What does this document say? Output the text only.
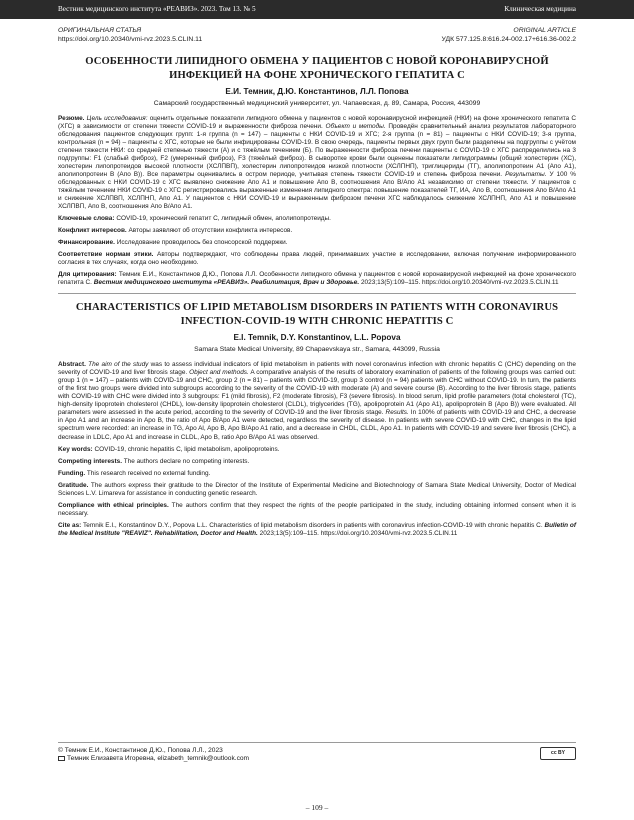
Вестник медицинского института «РЕАВИЗ». 2023. Том 13. № 5	Клиническая медицина
ОРИГИНАЛЬНАЯ СТАТЬЯ
https://doi.org/10.20340/vmi-rvz.2023.5.CLIN.11
ORIGINAL ARTICLE
УДК 577.125.8:616.24-002.17+616.36-002.2
ОСОБЕННОСТИ ЛИПИДНОГО ОБМЕНА У ПАЦИЕНТОВ С НОВОЙ КОРОНАВИРУСНОЙ ИНФЕКЦИЕЙ НА ФОНЕ ХРОНИЧЕСКОГО ГЕПАТИТА С
Е.И. Темник, Д.Ю. Константинов, Л.Л. Попова
Самарский государственный медицинский университет, ул. Чапаевская, д. 89, Самара, Россия, 443099
Резюме. Цель исследования: оценить отдельные показатели липидного обмена у пациентов с новой коронавирусной инфекцией (НКИ) на фоне хронического гепатита С (ХГС) в зависимости от степени тяжести COVID-19 и выраженности фиброза печени. Объект и методы. Проведён сравнительный анализ результатов лабораторного обследования пациентов следующих групп: 1-я группа (n = 147) – пациенты с НКИ COVID-19 и ХГС; 2-я группа (n = 81) – пациенты с НКИ COVID-19; 3-я группа, контрольная (n = 94) – пациенты с ХГС, которые не были инфицированы COVID-19. В свою очередь, пациенты первых двух групп были разделены на подгруппы с учётом степени тяжести НКИ: со средней степенью тяжести (А) и с тяжёлым течением (Б). По выраженности фиброза печени пациенты с COVID-19 с ХГС распределились на 3 подгруппы: F1 (слабый фиброз), F2 (умеренный фиброз), F3 (тяжёлый фиброз). В сыворотке крови были оценены показатели липидограммы (общий холестерин (ХС), холестерин липопротеидов высокой плотности (ХСЛПВП), холестерин липопротеидов низкой плотности (ХСЛПНП), триглицериды (ТГ), аполипопротеин А1 (Апо А1), аполипопротеин В (Апо В)). Все параметры оценивались в остром периоде, учитывая степень тяжести COVID-19 и степень фиброза печени. Результаты. У 100 % обследованных с НКИ COVID-19 с ХГС выявлено снижение Апо А1 и повышение Апо В, соотношения Апо В/Апо А1 независимо от степени тяжести. У пациентов с тяжёлым течением НКИ COVID-19 с ХГС регистрировались выраженные изменения липидного спектра: повышение показателей ТГ, ИА, Апо В, соотношения Апо В/Апо А1 и снижение ХСЛПВП, ХСЛПНП, Апо А1. У пациентов с НКИ COVID-19 и выраженным фиброзом печени ХГС наблюдалось снижение ХСЛПНП, Апо А1 и повышение ХСЛПВП, Апо В, соотношения Апо В/Апо А1.
Ключевые слова: COVID-19, хронический гепатит С, липидный обмен, аполипопротеиды.
Конфликт интересов. Авторы заявляют об отсутствии конфликта интересов.
Финансирование. Исследование проводилось без спонсорской поддержки.
Соответствие нормам этики. Авторы подтверждают, что соблюдены права людей, принимавших участие в исследовании, включая получение информированного согласия в тех случаях, когда оно необходимо.
Для цитирования: Темник Е.И., Константинов Д.Ю., Попова Л.Л. Особенности липидного обмена у пациентов с новой коронавирусной инфекцией на фоне хронического гепатита С. Вестник медицинского института «РЕАВИЗ». Реабилитация, Врач и Здоровье. 2023;13(5):109–115. https://doi.org/10.20340/vmi-rvz.2023.5.CLIN.11
CHARACTERISTICS OF LIPID METABOLISM DISORDERS IN PATIENTS WITH CORONAVIRUS INFECTION-COVID-19 WITH CHRONIC HEPATITIS C
E.I. Temnik, D.Y. Konstantinov, L.L. Popova
Samara State Medical University, 89 Chapaevskaya str., Samara, 443099, Russia
Abstract. The aim of the study was to assess individual indicators of lipid metabolism in patients with novel coronavirus infection with chronic hepatitis C (CHC) depending on the severity of COVID-19 and liver fibrosis stage. Object and methods. A comparative analysis of the results of laboratory examination of patients of the following groups was carried out: group 1 (n = 147) – patients with COVID-19 and CHC, group 2 (n = 81) – patients with COVID-19, group 3 control (n = 94) patients with CHC without COVID-19. In turn, the patients of the first two groups were divided into subgroups according to the severity of the COVID-19 with moderate (A) and severe course (B). According to the liver fibrosis stage, patients with COVID-19 with CHC were divided into 3 subgroups: F1 (mild fibrosis), F2 (moderate fibrosis), F3 (severe fibrosis). In blood serum, lipid profile parameters (total cholesterol (TC), high-density lipoprotein cholesterol (CHDL), low-density lipoprotein cholesterol (CLDL), triglycerides (TG), apolipoprotein A1 (Apo A1), apolipoprotein B (Apo B)) were evaluated. All parameters were assessed in the acute period, according to the severity of COVID-19 and the liver fibrosis stage. Results. In 100% of patients with COVID-19 and CHC, a decrease in Apo A1 and an increase in Apo B, the ratio of Apo B/Apo A1 were detected, regardless the severity of disease. In patients with severe COVID-19 with CHC, changes in the lipid spectrum were recorded: an increase in TG, Apo Al, Apo B, Apo B/Apo A1 ratio, and a decrease in CHDL, CLDL, Apo A1. In patients with COVID-19 and severe liver fibrosis (CHC), a decrease in LDLC, Apo A1 and increase in CLDL, Apo B, ratio Apo B/Apo A1 was observed.
Key words: COVID-19, chronic hepatitis C, lipid metabolism, apolipoproteins.
Competing interests. The authors declare no competing interests.
Funding. This research received no external funding.
Gratitude. The authors express their gratitude to the Director of the Institute of Experimental Medicine and Biotechnology of Samara State Medical University, Doctor of Medical Sciences L.V. Limareva for assistance in conducting genetic research.
Compliance with ethical principles. The authors confirm that they respect the rights of the people participated in the study, including obtaining informed consent when it is necessary.
Cite as: Temnik E.I., Konstantinov D.Y., Popova L.L. Characteristics of lipid metabolism disorders in patients with coronavirus infection-COVID-19 with chronic hepatitis C. Bulletin of the Medical Institute "REAVIZ". Rehabilitation, Doctor and Health. 2023;13(5):109–115. https://doi.org/10.20340/vmi-rvz.2023.5.CLIN.11
© Темник Е.И., Константинов Д.Ю., Попова Л.Л., 2023
Темник Елизавета Игоревна, elizabeth_temnik@outlook.com
cc BY
– 109 –
